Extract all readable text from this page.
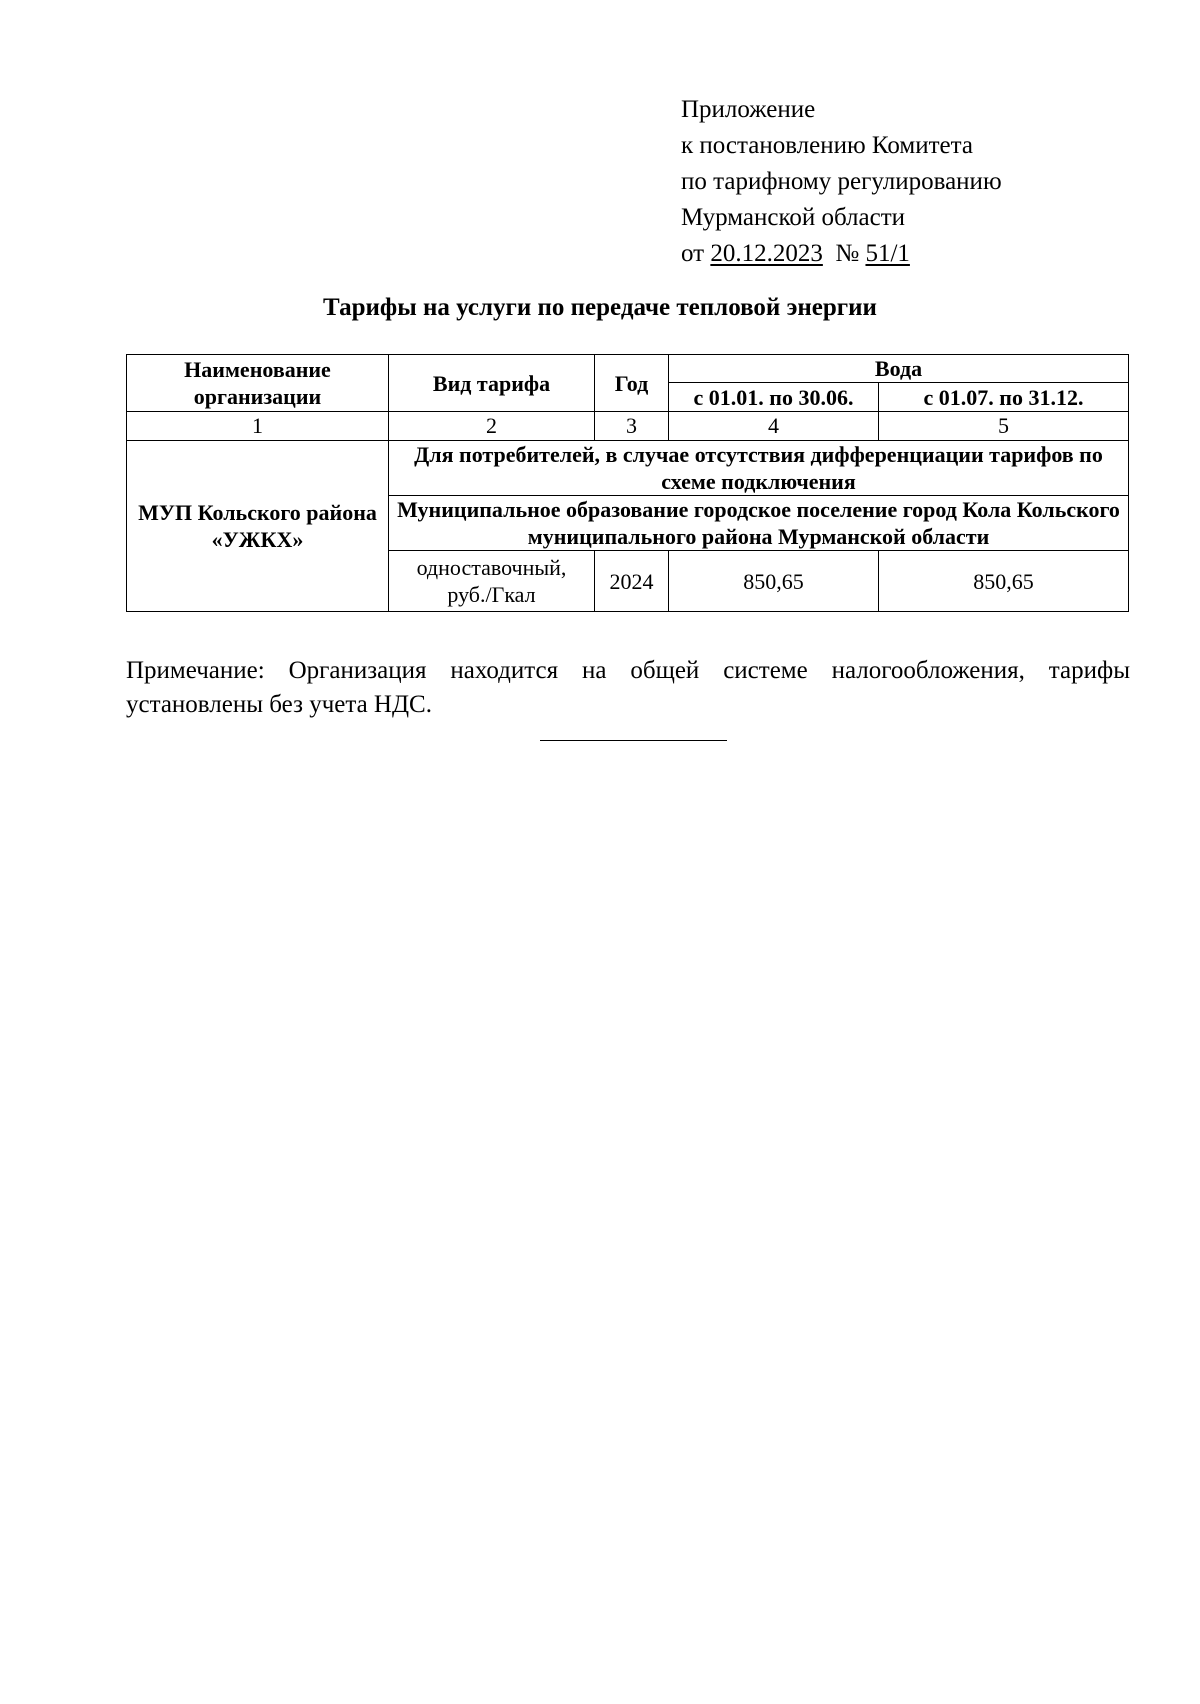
Приложение
к постановлению Комитета
по тарифному регулированию
Мурманской области
от 20.12.2023 № 51/1
Тарифы на услуги по передаче тепловой энергии
Наименование организации	Вид тарифа	Год	Вода	
			с 01.01. по 30.06.	с 01.07. по 31.12.
1	2	3	4	5
МУП Кольского района «УЖКХ»	Для потребителей, в случае отсутствия дифференциации тарифов по схеме подключения			
	Муниципальное образование городское поселение город Кола Кольского муниципального района Мурманской области			
	одноставочный, руб./Гкал	2024	850,65	850,65
Примечание: Организация находится на общей системе налогообложения, тарифы установлены без учета НДС.
